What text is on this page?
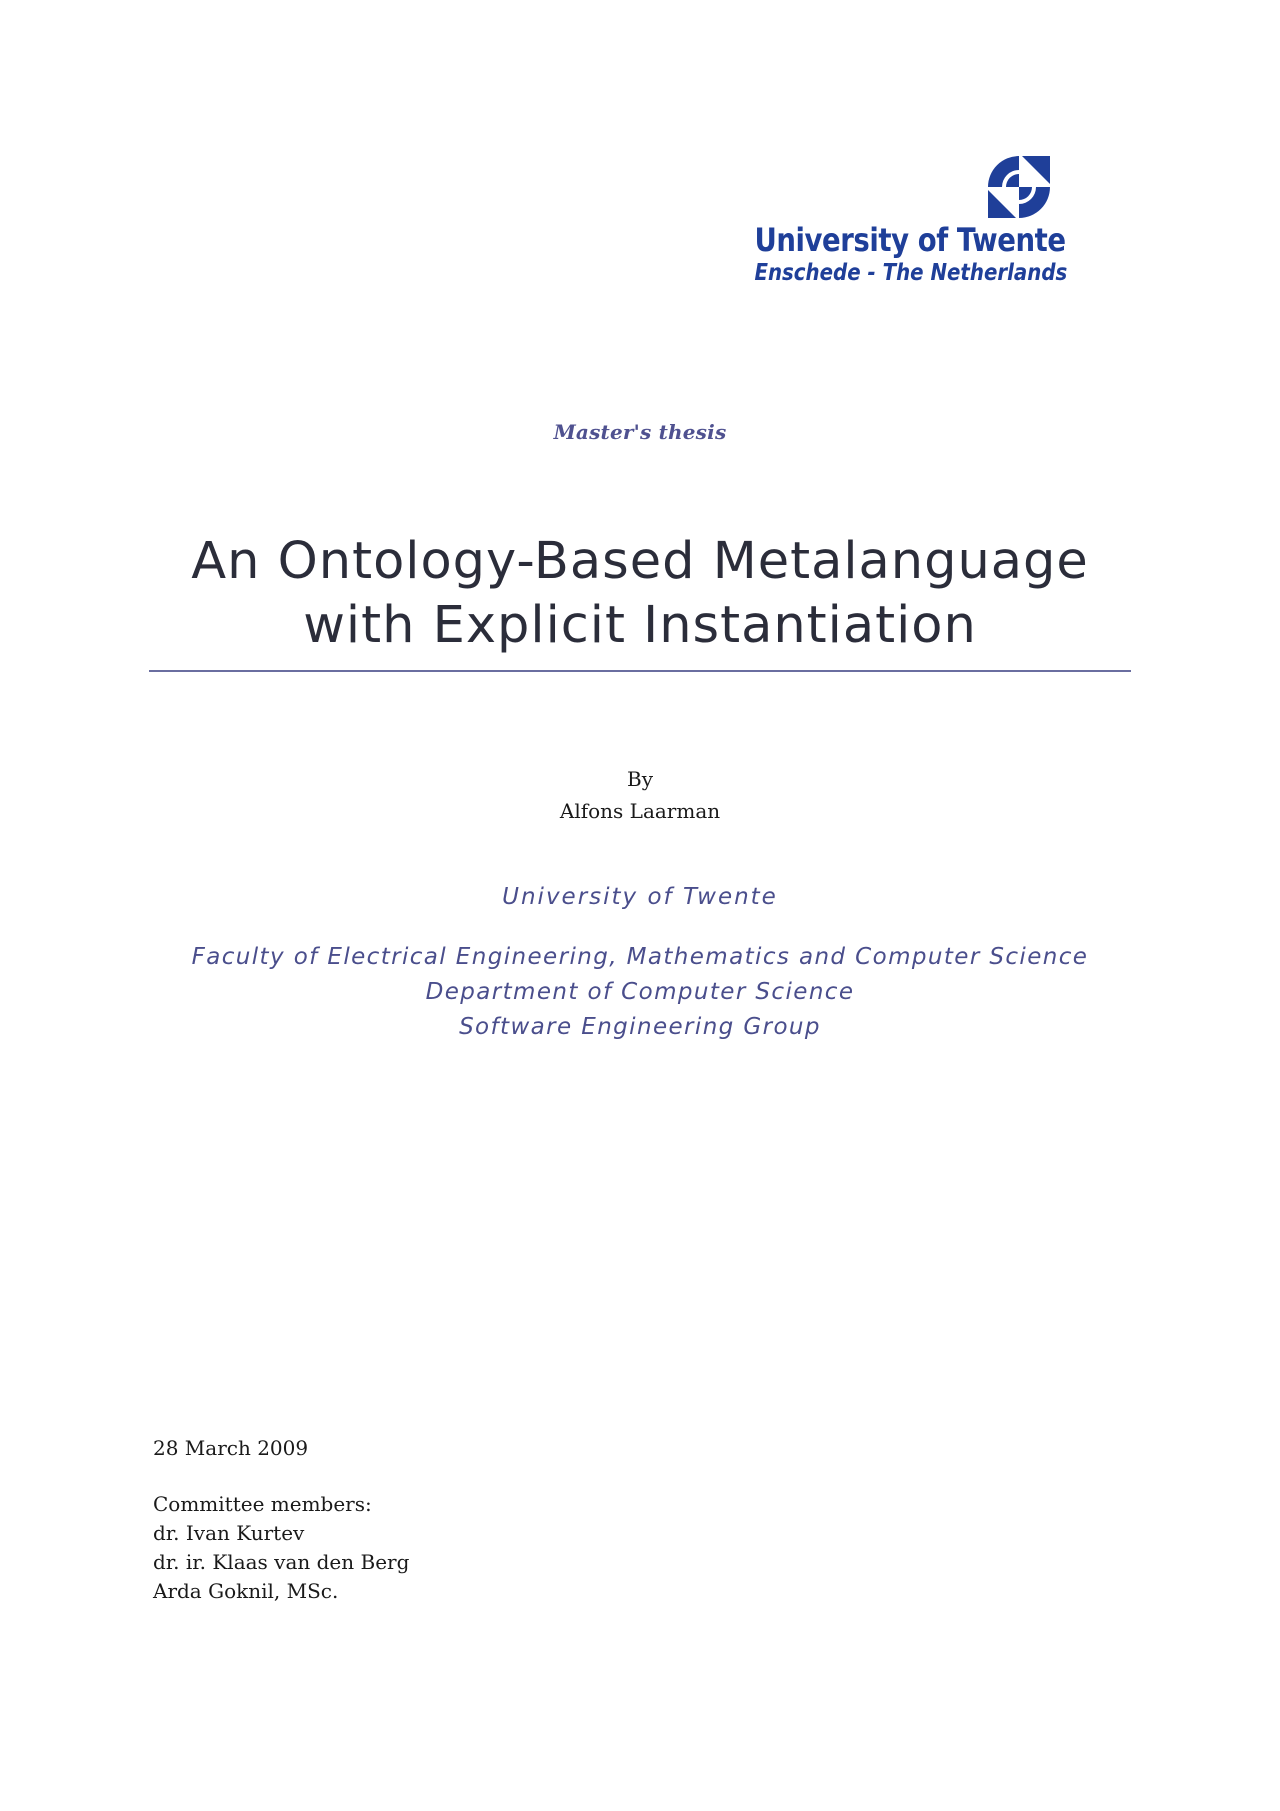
University of Twente
Enschede - The Netherlands
Master's thesis
An Ontology-Based Metalanguage
with Explicit Instantiation
By
Alfons Laarman
University of Twente
Faculty of Electrical Engineering, Mathematics and Computer Science
Department of Computer Science
Software Engineering Group
28 March 2009
Committee members:
dr. Ivan Kurtev
dr. ir. Klaas van den Berg
Arda Goknil, MSc.
